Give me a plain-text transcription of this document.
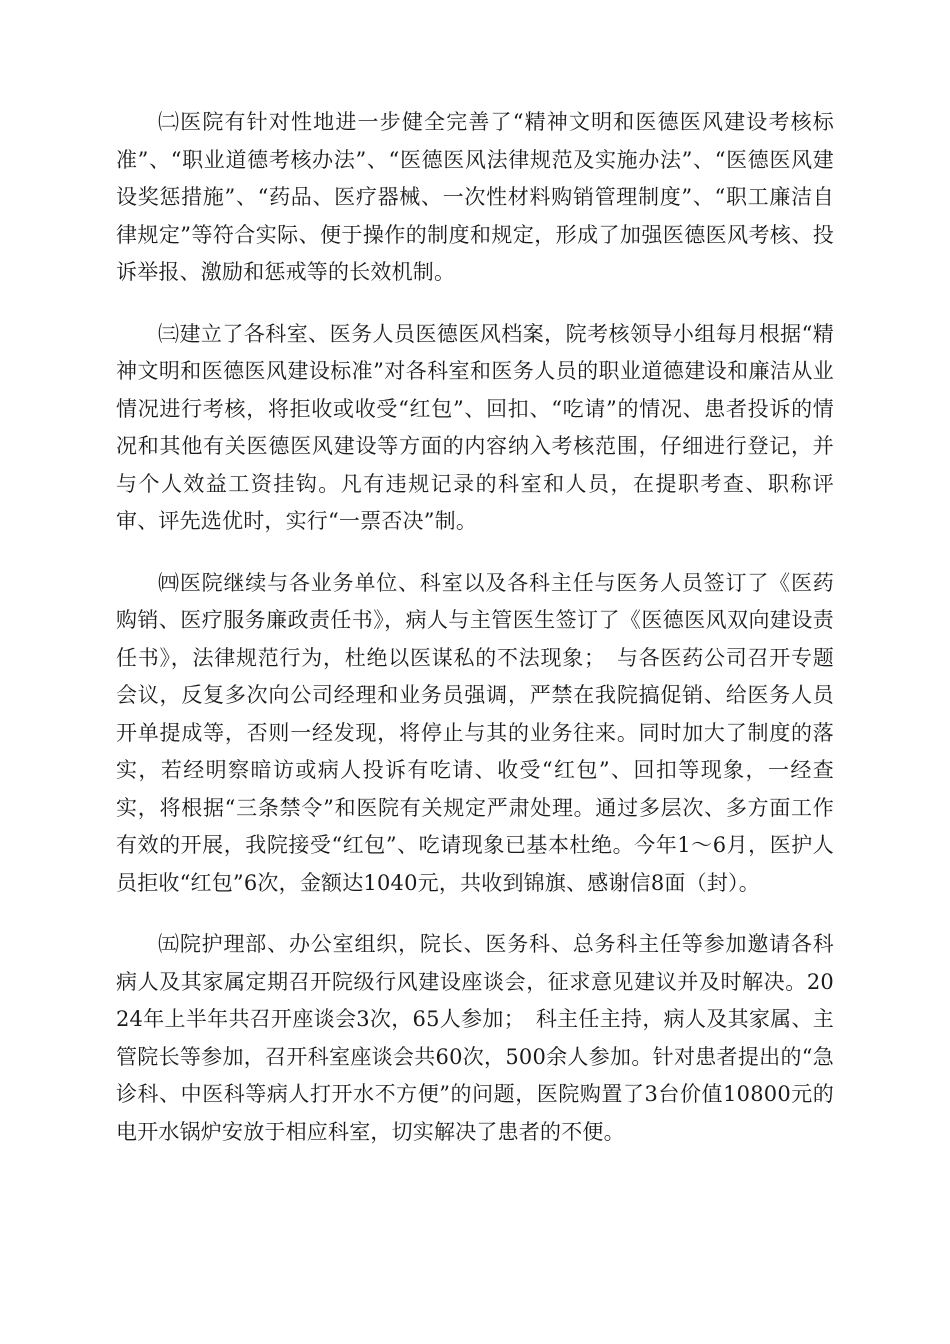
㈡医院有针对性地进一步健全完善了“精神文明和医德医风建设考核标准”、“职业道德考核办法”、“医德医风法律规范及实施办法”、“医德医风建设奖惩措施”、“药品、医疗器械、一次性材料购销管理制度”、“职工廉洁自律规定”等符合实际、便于操作的制度和规定，形成了加强医德医风考核、投诉举报、激励和惩戒等的长效机制。

㈢建立了各科室、医务人员医德医风档案，院考核领导小组每月根据“精神文明和医德医风建设标准”对各科室和医务人员的职业道德建设和廉洁从业情况进行考核，将拒收或收受“红包”、回扣、“吃请”的情况、患者投诉的情况和其他有关医德医风建设等方面的内容纳入考核范围，仔细进行登记，并与个人效益工资挂钩。凡有违规记录的科室和人员，在提职考查、职称评审、评先选优时，实行“一票否决”制。

㈣医院继续与各业务单位、科室以及各科主任与医务人员签订了《医药购销、医疗服务廉政责任书》，病人与主管医生签订了《医德医风双向建设责任书》，法律规范行为，杜绝以医谋私的不法现象；　与各医药公司召开专题会议，反复多次向公司经理和业务员强调，严禁在我院搞促销、给医务人员开单提成等，否则一经发现，将停止与其的业务往来。同时加大了制度的落实，若经明察暗访或病人投诉有吃请、收受“红包”、回扣等现象，一经查实，将根据“三条禁令”和医院有关规定严肃处理。通过多层次、多方面工作有效的开展，我院接受“红包”、吃请现象已基本杜绝。今年1～6月，医护人员拒收“红包”6次，金额达1040元，共收到锦旗、感谢信8面（封）。

㈤院护理部、办公室组织，院长、医务科、总务科主任等参加邀请各科病人及其家属定期召开院级行风建设座谈会，征求意见建议并及时解决。2024年上半年共召开座谈会3次，65人参加；　科主任主持，病人及其家属、主管院长等参加，召开科室座谈会共60次，500余人参加。针对患者提出的“急诊科、中医科等病人打开水不方便”的问题，医院购置了3台价值10800元的电开水锅炉安放于相应科室，切实解决了患者的不便。
